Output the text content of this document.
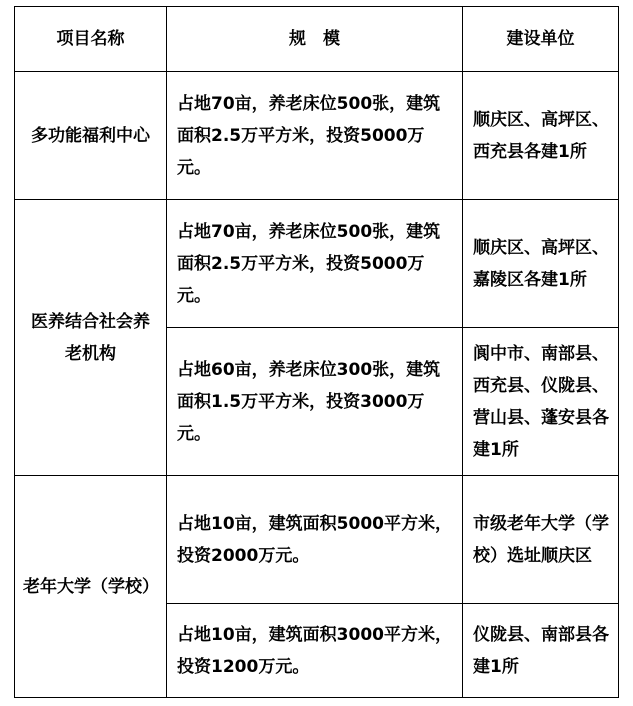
项目名称	规　模	建设单位
多功能福利中心	占地70亩，养老床位500张，建筑面积2.5万平方米，投资5000万元。	顺庆区、高坪区、西充县各建1所
医养结合社会养老机构	占地70亩，养老床位500张，建筑面积2.5万平方米，投资5000万元。	顺庆区、高坪区、嘉陵区各建1所
	占地60亩，养老床位300张，建筑面积1.5万平方米，投资3000万元。	阆中市、南部县、西充县、仪陇县、营山县、蓬安县各建1所
老年大学（学校）	占地10亩，建筑面积5000平方米，投资2000万元。	市级老年大学（学校）选址顺庆区
	占地10亩，建筑面积3000平方米，投资1200万元。	仪陇县、南部县各建1所
